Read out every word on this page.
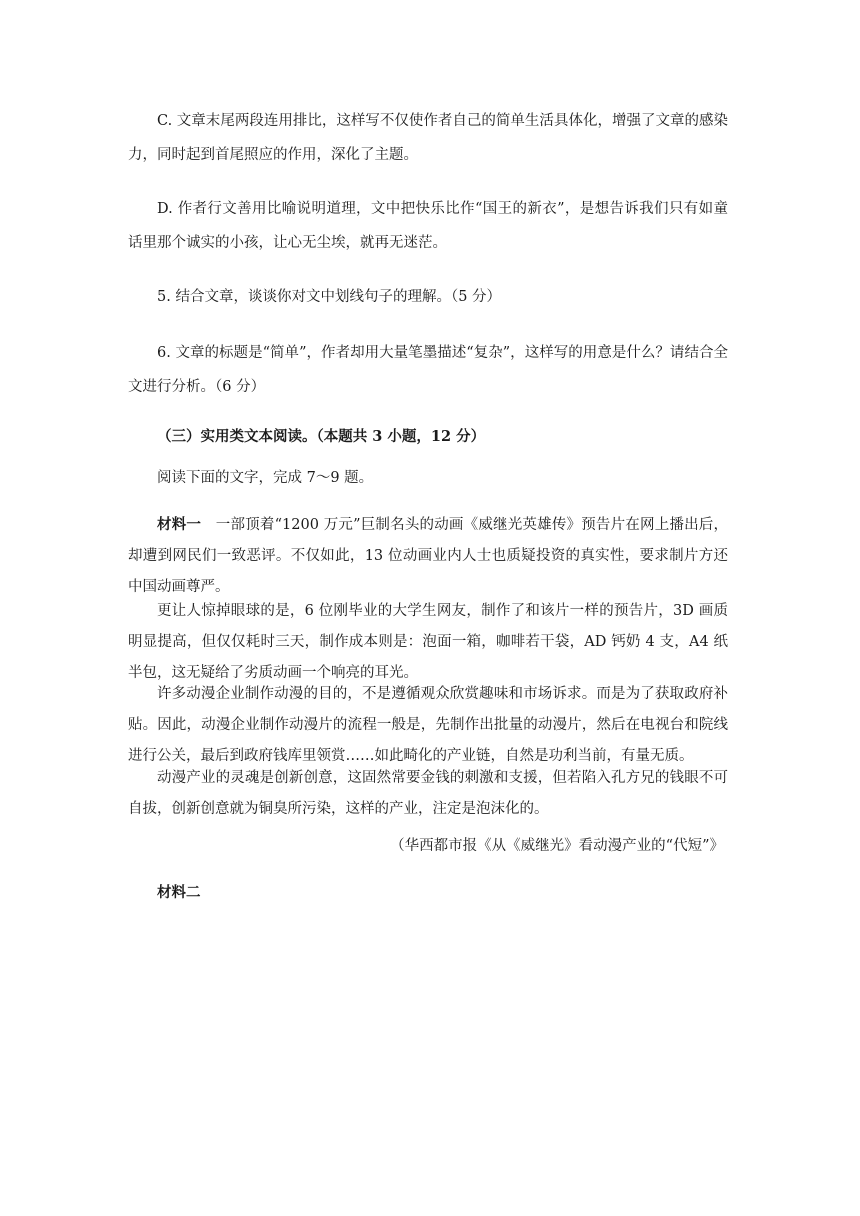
C. 文章末尾两段连用排比，这样写不仅使作者自己的简单生活具体化，增强了文章的感染力，同时起到首尾照应的作用，深化了主题。

D. 作者行文善用比喻说明道理，文中把快乐比作“国王的新衣”，是想告诉我们只有如童话里那个诚实的小孩，让心无尘埃，就再无迷茫。

5. 结合文章，谈谈你对文中划线句子的理解。（5 分）

6. 文章的标题是“简单”，作者却用大量笔墨描述“复杂”，这样写的用意是什么？请结合全文进行分析。（6 分）

（三）实用类文本阅读。（本题共 3 小题，12 分）

阅读下面的文字，完成 7～9 题。

材料一　一部顶着“1200 万元”巨制名头的动画《威继光英雄传》预告片在网上播出后，却遭到网民们一致恶评。不仅如此，13 位动画业内人士也质疑投资的真实性，要求制片方还中国动画尊严。

更让人惊掉眼球的是，6 位刚毕业的大学生网友，制作了和该片一样的预告片，3D 画质明显提高，但仅仅耗时三天，制作成本则是：泡面一箱，咖啡若干袋，AD 钙奶 4 支，A4 纸半包，这无疑给了劣质动画一个响亮的耳光。

许多动漫企业制作动漫的目的，不是遵循观众欣赏趣味和市场诉求。而是为了获取政府补贴。因此，动漫企业制作动漫片的流程一般是，先制作出批量的动漫片，然后在电视台和院线进行公关，最后到政府钱库里领赏……如此畸化的产业链，自然是功利当前，有量无质。

动漫产业的灵魂是创新创意，这固然常要金钱的刺激和支援，但若陷入孔方兄的钱眼不可自拔，创新创意就为铜臭所污染，这样的产业，注定是泡沫化的。

（华西都市报《从《威继光》看动漫产业的“代短”》

材料二
